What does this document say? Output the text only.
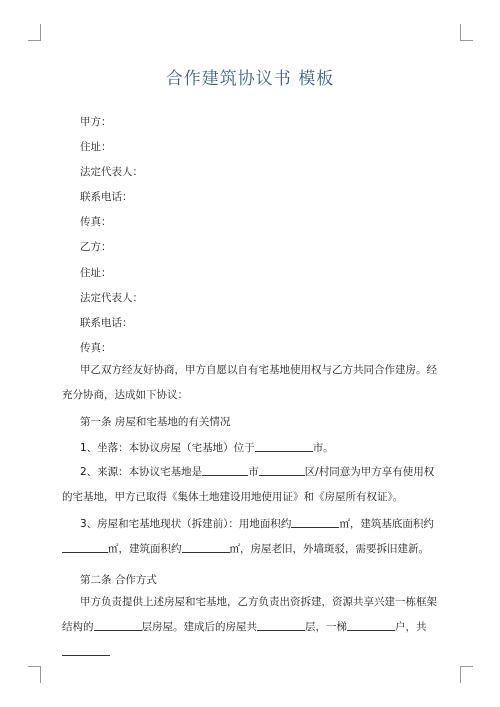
合作建筑协议书 模板
甲方：
住址：
法定代表人：
联系电话：
传真：
乙方：
住址：
法定代表人：
联系电话：
传真：
甲乙双方经友好协商，甲方自愿以自有宅基地使用权与乙方共同合作建房。经充分协商，达成如下协议：
第一条 房屋和宅基地的有关情况
1、坐落：本协议房屋（宅基地）位于	市。
2、来源：本协议宅基地是	市	区/村同意为甲方享有使用权的宅基地，甲方已取得《集体土地建设用地使用证》和《房屋所有权证》。
3、房屋和宅基地现状（拆建前）：用地面积约	㎡，建筑基底面积约㎡，建筑面积约	㎡，房屋老旧，外墙斑驳，需要拆旧建新。
第二条 合作方式
甲方负责提供上述房屋和宅基地，乙方负责出资拆建，资源共享兴建一栋框架结构的	层房屋。建成后的房屋共	层，一梯	户，共
